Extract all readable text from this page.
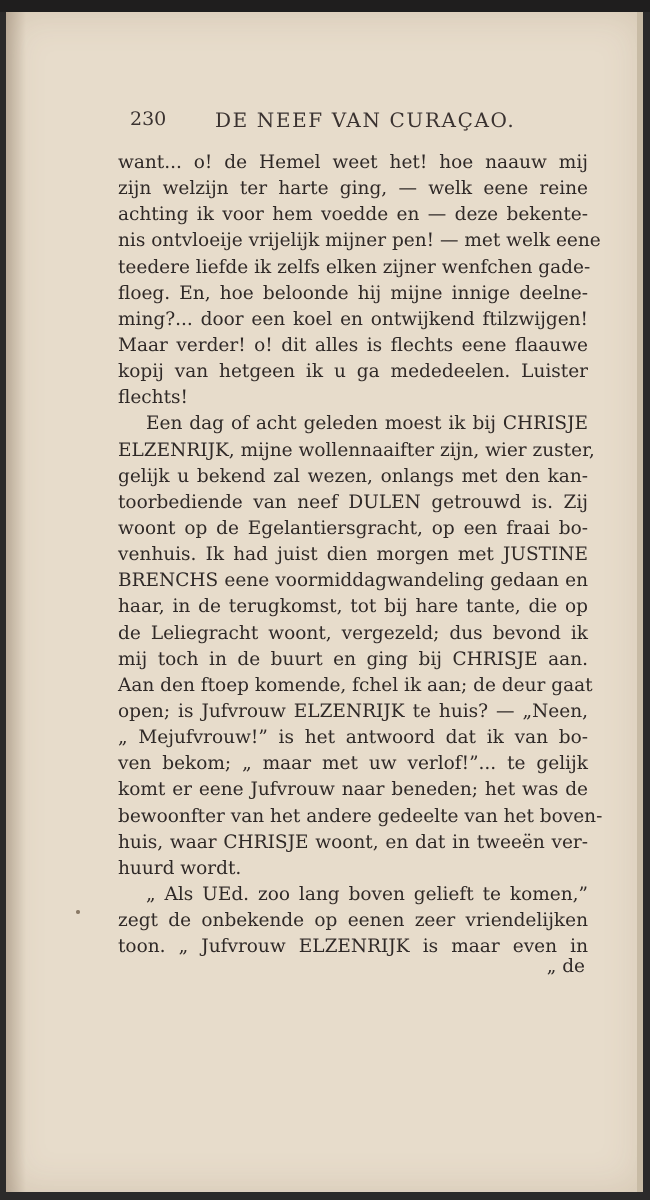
230 DE NEEF VAN CURAÇAO.
want... o! de Hemel weet het! hoe naauw mij
zijn welzijn ter harte ging, — welk eene reine
achting ik voor hem voedde en — deze bekente-
nis ontvloeije vrijelijk mijner pen! — met welk eene
teedere liefde ik zelfs elken zijner wenfchen gade-
floeg. En, hoe beloonde hij mijne innige deelne-
ming?... door een koel en ontwijkend ftilzwijgen!
Maar verder! o! dit alles is flechts eene flaauwe
kopij van hetgeen ik u ga mededeelen. Luister
flechts!
Een dag of acht geleden moest ik bij CHRISJE
ELZENRIJK, mijne wollennaaifter zijn, wier zuster,
gelijk u bekend zal wezen, onlangs met den kan-
toorbediende van neef DULEN getrouwd is. Zij
woont op de Egelantiersgracht, op een fraai bo-
venhuis. Ik had juist dien morgen met JUSTINE
BRENCHS eene voormiddagwandeling gedaan en
haar, in de terugkomst, tot bij hare tante, die op
de Leliegracht woont, vergezeld; dus bevond ik
mij toch in de buurt en ging bij CHRISJE aan.
Aan den ftoep komende, fchel ik aan; de deur gaat
open; is Jufvrouw ELZENRIJK te huis? — „Neen,
„ Mejufvrouw!” is het antwoord dat ik van bo-
ven bekom; „ maar met uw verlof!”... te gelijk
komt er eene Jufvrouw naar beneden; het was de
bewoonfter van het andere gedeelte van het boven-
huis, waar CHRISJE woont, en dat in tweeën ver-
huurd wordt.
„ Als UEd. zoo lang boven gelieft te komen,”
zegt de onbekende op eenen zeer vriendelijken
toon. „ Jufvrouw ELZENRIJK is maar even in
„ de
